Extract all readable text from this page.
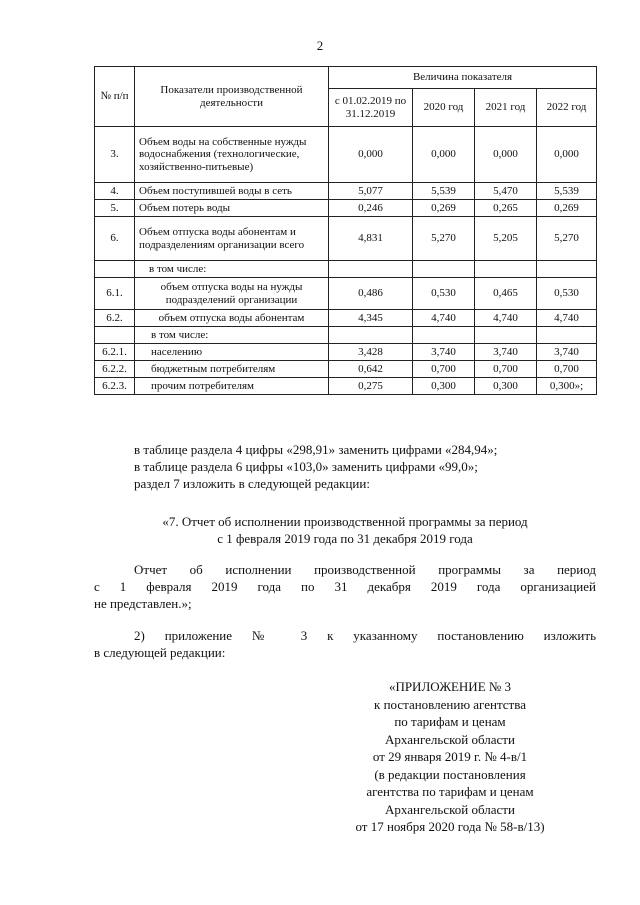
2
№ п/п	Показатели производственной деятельности	Величина показателя			
		с 01.02.2019 по 31.12.2019	2020 год	2021 год	2022 год
3.	Объем воды на собственные нужды водоснабжения (технологические, хозяйственно-питьевые)	0,000	0,000	0,000	0,000
4.	Объем поступившей воды в сеть	5,077	5,539	5,470	5,539
5.	Объем потерь воды	0,246	0,269	0,265	0,269
6.	Объем отпуска воды абонентам и подразделениям организации всего	4,831	5,270	5,205	5,270
	в том числе:				
6.1.	объем отпуска воды на нужды подразделений организации	0,486	0,530	0,465	0,530
6.2.	объем отпуска воды абонентам	4,345	4,740	4,740	4,740
	в том числе:				
6.2.1.	населению	3,428	3,740	3,740	3,740
6.2.2.	бюджетным потребителям	0,642	0,700	0,700	0,700
6.2.3.	прочим потребителям	0,275	0,300	0,300	0,300»;
в таблице раздела 4 цифры «298,91» заменить цифрами «284,94»;
в таблице раздела 6 цифры «103,0» заменить цифрами «99,0»;
раздел 7 изложить в следующей редакции:
«7. Отчет об исполнении производственной программы за период
с 1 февраля 2019 года по 31 декабря 2019 года
Отчет об исполнении производственной программы за период
с 1 февраля 2019 года по 31 декабря 2019 года организацией
не представлен.»;
2) приложение № 3 к указанному постановлению изложить
в следующей редакции:
«ПРИЛОЖЕНИЕ № 3
к постановлению агентства
по тарифам и ценам
Архангельской области
от 29 января 2019 г. № 4-в/1
(в редакции постановления
агентства по тарифам и ценам
Архангельской области
от 17 ноября 2020 года № 58-в/13)
